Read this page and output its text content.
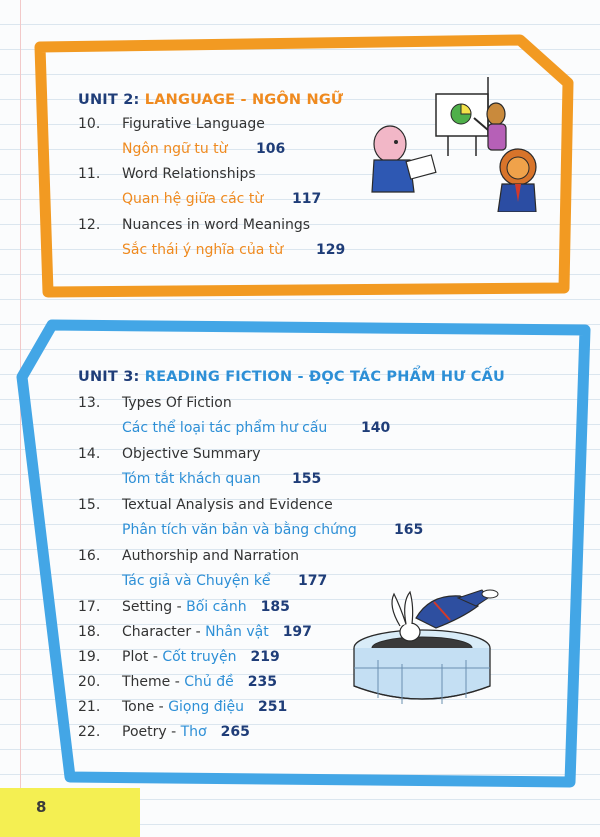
UNIT 2: LANGUAGE - NGÔN NGỮ
10. Figurative Language
Ngôn ngữ tu từ 106
11. Word Relationships
Quan hệ giữa các từ 117
12. Nuances in word Meanings
Sắc thái ý nghĩa của từ 129
UNIT 3: READING FICTION - ĐỌC TÁC PHẨM HƯ CẤU
13. Types Of Fiction
Các thể loại tác phẩm hư cấu 140
14. Objective Summary
Tóm tắt khách quan 155
15. Textual Analysis and Evidence
Phân tích văn bản và bằng chứng	165
16. Authorship and Narration
Tác giả và Chuyện kể 177
17. Setting - Bối cảnh 185
18. Character - Nhân vật 197
19. Plot - Cốt truyện 219
20. Theme - Chủ đề 235
21. Tone - Giọng điệu 251
22. Poetry - Thơ 265
8
